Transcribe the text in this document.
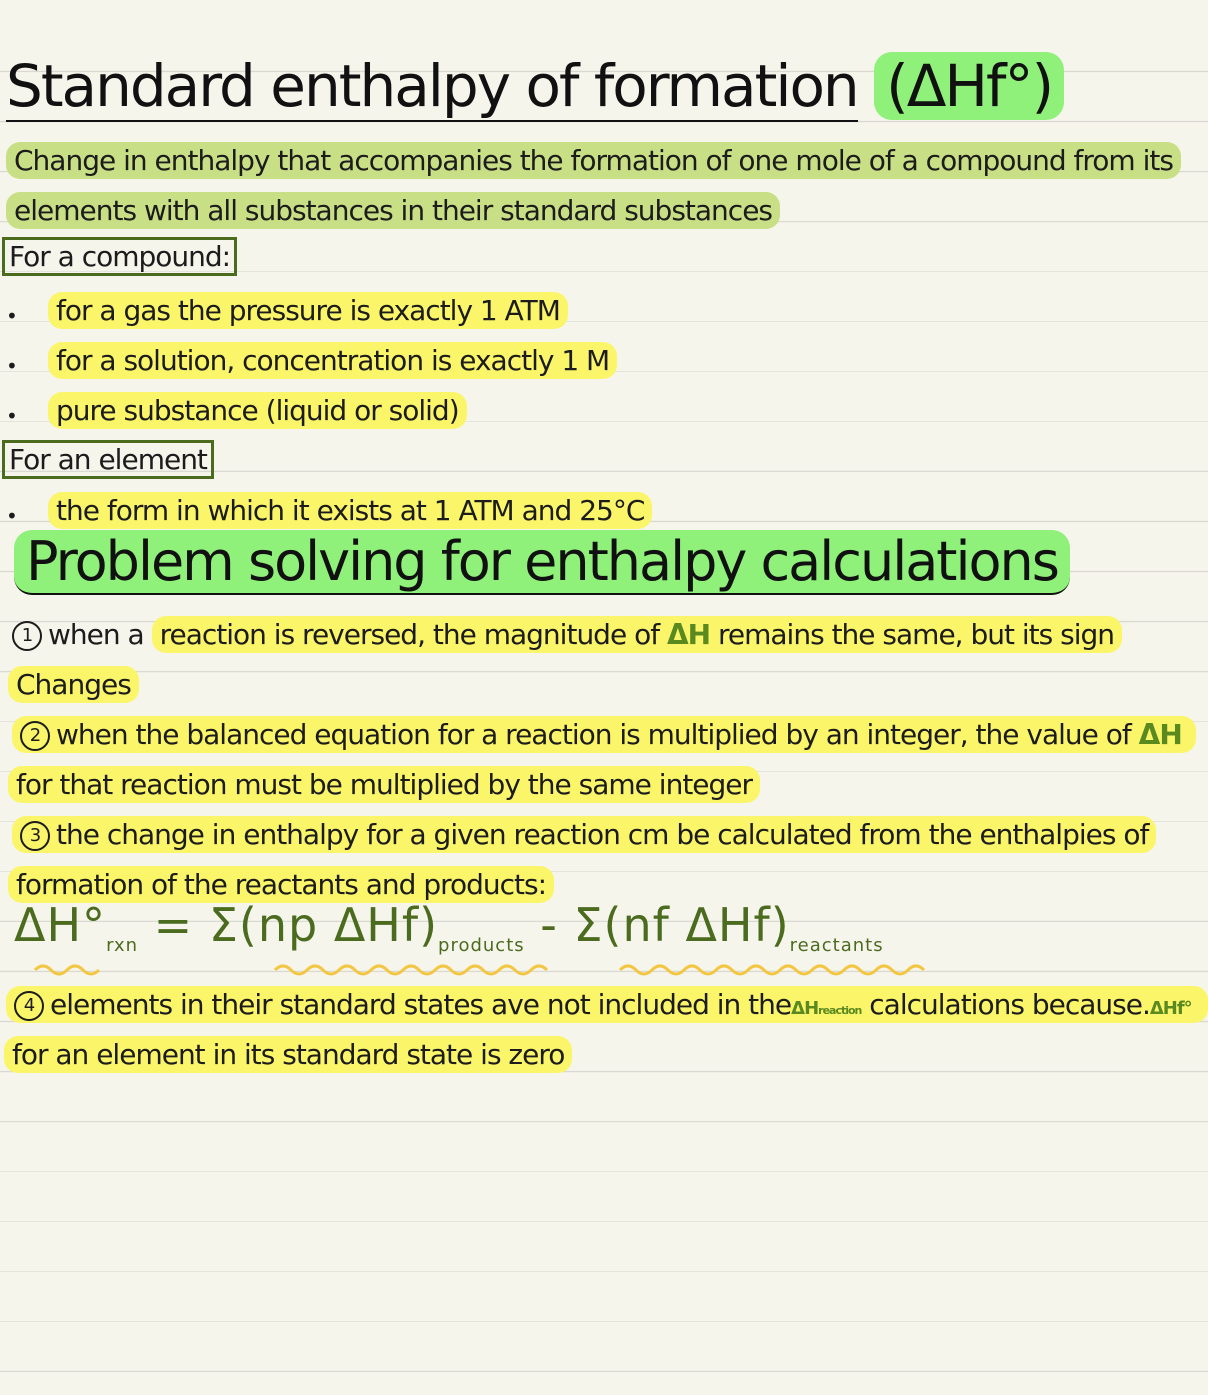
Standard enthalpy of formation (ΔHf°)
Change in enthalpy that accompanies the formation of one mole of a compound from its
elements with all substances in their standard substances
For a compound:
• for a gas the pressure is exactly 1 ATM
• for a solution, concentration is exactly 1 M
• pure substance (liquid or solid)
For an element
• the form in which it exists at 1 ATM and 25°C
Problem solving for enthalpy calculations
1 when a reaction is reversed, the magnitude of ΔH remains the same, but its sign
Changes
2 when the balanced equation for a reaction is multiplied by an integer, the value of ΔH
for that reaction must be multiplied by the same integer
3 the change in enthalpy for a given reaction cm be calculated from the enthalpies of
formation of the reactants and products:
$\Delta H^\circ_{rxn} = \Sigma(np$ $\Delta Hf)_{products} - \Sigma(nf$ $\Delta Hf)_{reactants}$
4 elements in their standard states ave not included in theΔHreaction calculations because.ΔHf°
for an element in its standard state is zero
